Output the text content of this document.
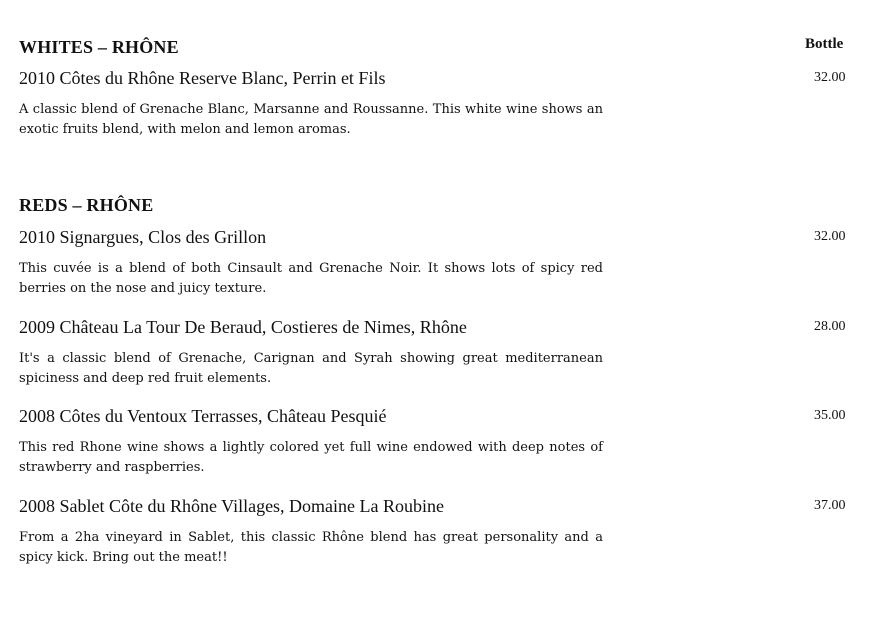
Bottle
WHITES – RHÔNE
2010 Côtes du Rhône Reserve Blanc, Perrin et Fils	32.00
A classic blend of Grenache Blanc, Marsanne and Roussanne. This white wine shows an exotic fruits blend, with melon and lemon aromas.
REDS – RHÔNE
2010 Signargues, Clos des Grillon	32.00
This cuvée is a blend of both Cinsault and Grenache Noir. It shows lots of spicy red berries on the nose and juicy texture.
2009 Château La Tour De Beraud, Costieres de Nimes, Rhône	28.00
It's a classic blend of Grenache, Carignan and Syrah showing great mediterranean spiciness and deep red fruit elements.
2008 Côtes du Ventoux Terrasses, Château Pesquié	35.00
This red Rhone wine shows a lightly colored yet full wine endowed with deep notes of strawberry and raspberries.
2008 Sablet Côte du Rhône Villages, Domaine La Roubine	37.00
From a 2ha vineyard in Sablet, this classic Rhône blend has great personality and a spicy kick. Bring out the meat!!
